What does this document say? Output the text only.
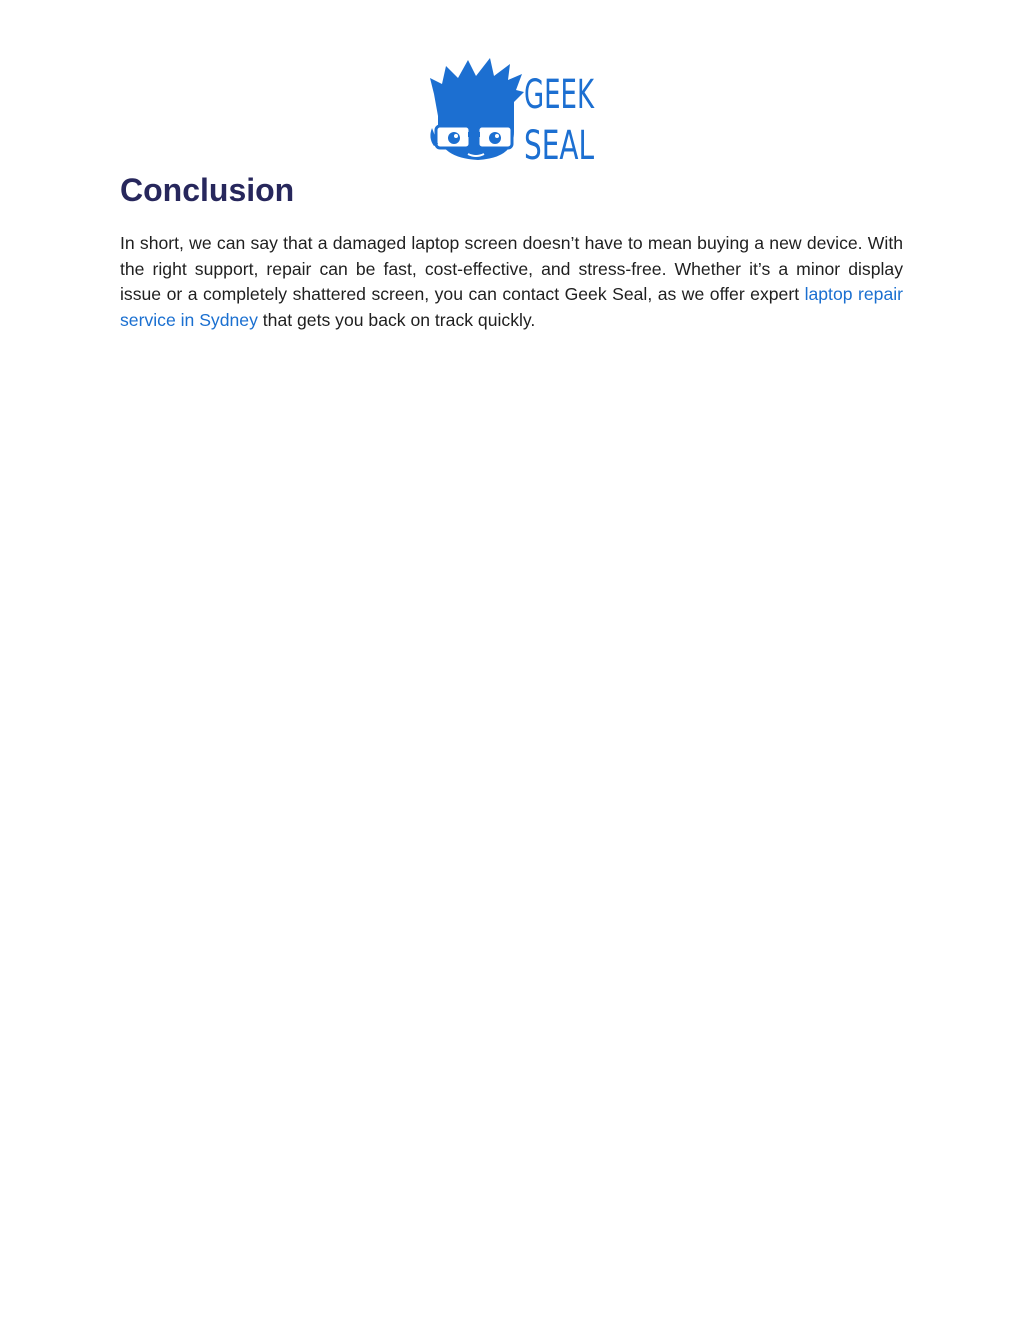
GEEK
SEAL
Conclusion

In short, we can say that a damaged laptop screen doesn’t have to mean buying a new device. With the right support, repair can be fast, cost-effective, and stress-free. Whether it’s a minor display issue or a completely shattered screen, you can contact Geek Seal, as we offer expert laptop repair service in Sydney that gets you back on track quickly.
